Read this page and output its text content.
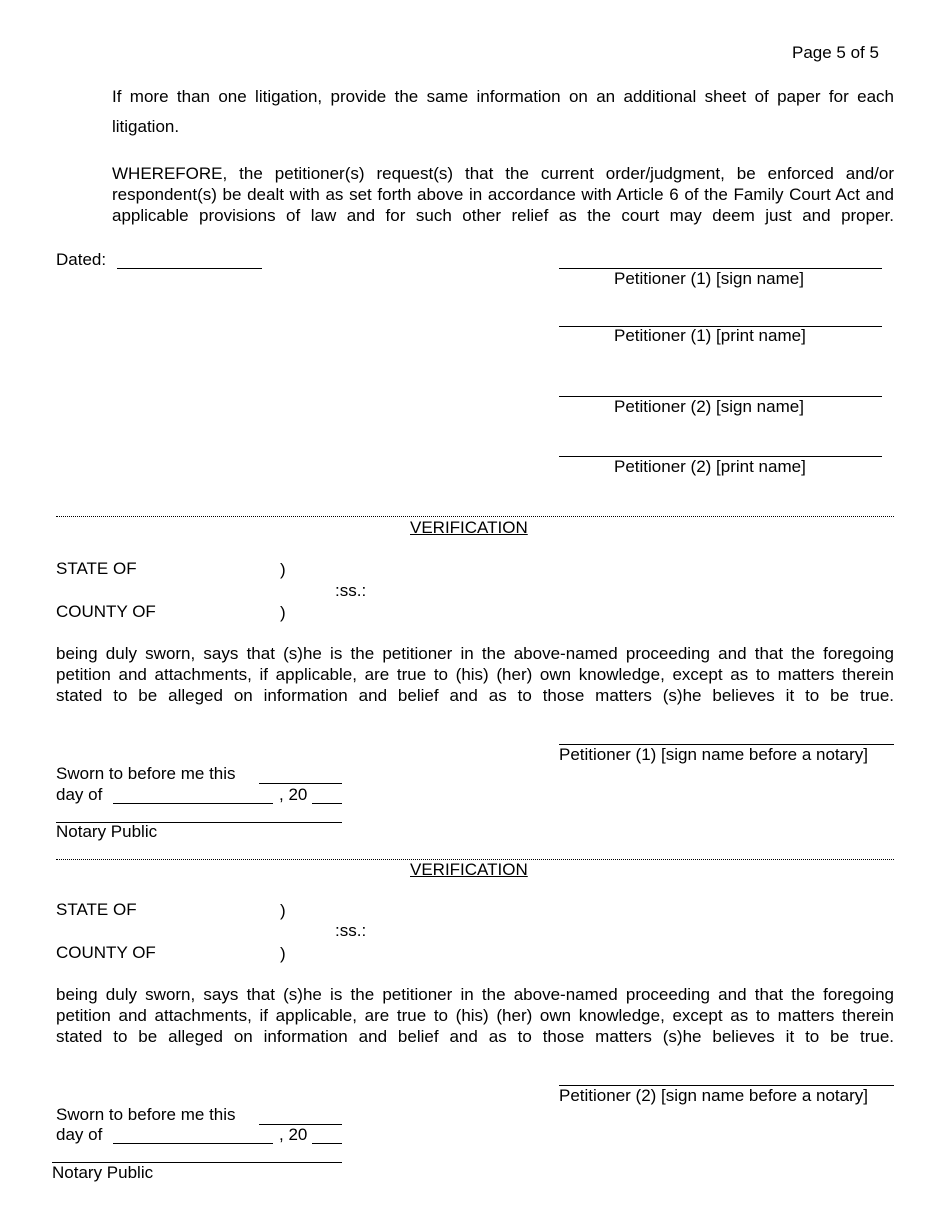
Page 5 of 5
If more than one litigation, provide the same information on an additional sheet of paper for each litigation.
WHEREFORE, the petitioner(s) request(s) that the current order/judgment, be enforced and/or respondent(s) be dealt with as set forth above in accordance with Article 6 of the Family Court Act and applicable provisions of law and for such other relief as the court may deem just and proper.
Dated:
Petitioner (1) [sign name]
Petitioner (1) [print name]
Petitioner (2) [sign name]
Petitioner (2) [print name]
VERIFICATION
STATE OF	)
:ss.:
COUNTY OF	)
being duly sworn, says that (s)he is the petitioner in the above-named proceeding and that the foregoing petition and attachments, if applicable, are true to (his) (her) own knowledge, except as to matters therein stated to be alleged on information and belief and as to those matters (s)he believes it to be true.
Petitioner (1) [sign name before a notary]
Sworn to before me this
day of	, 20
Notary Public
VERIFICATION
STATE OF	)
:ss.:
COUNTY OF	)
being duly sworn, says that (s)he is the petitioner in the above-named proceeding and that the foregoing petition and attachments, if applicable, are true to (his) (her) own knowledge, except as to matters therein stated to be alleged on information and belief and as to those matters (s)he believes it to be true.
Petitioner (2) [sign name before a notary]
Sworn to before me this
day of	, 20
Notary Public
